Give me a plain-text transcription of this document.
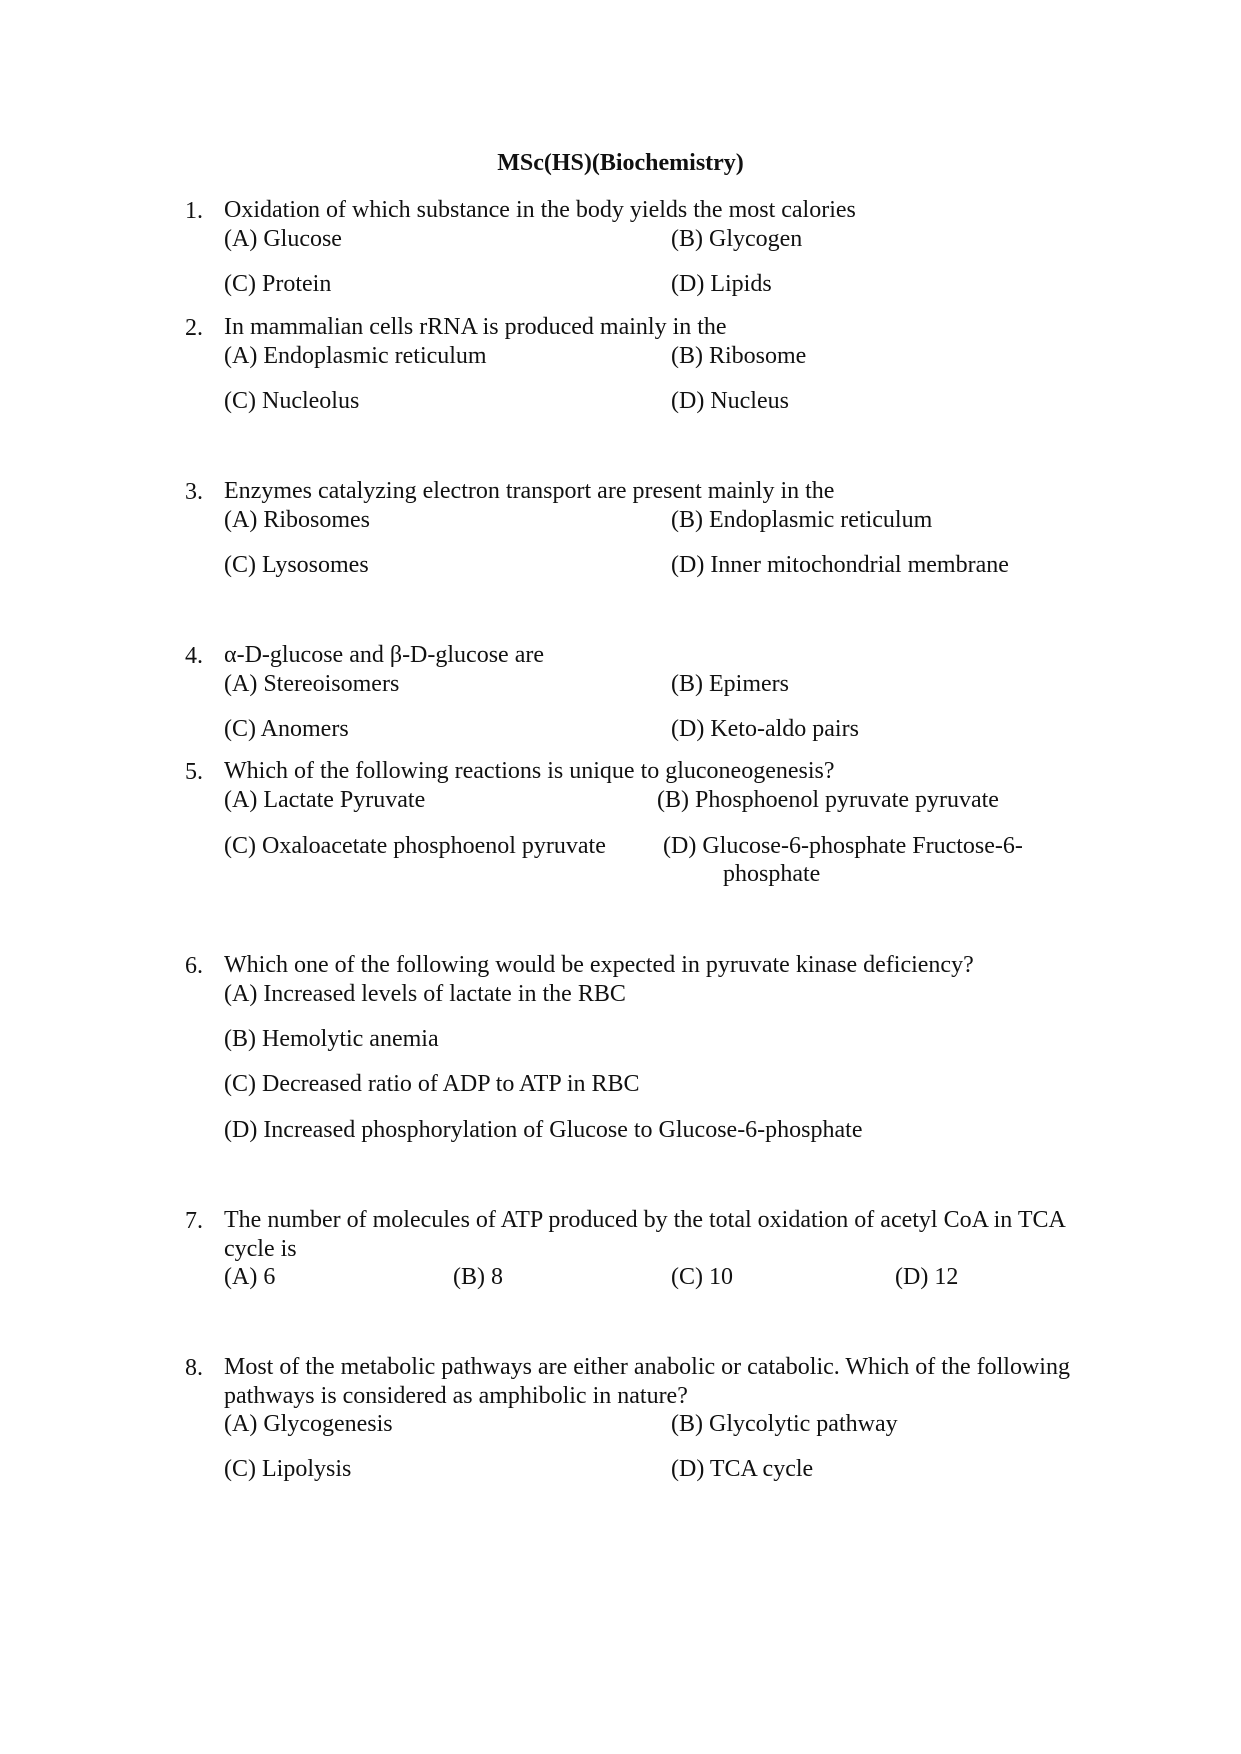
MSc(HS)(Biochemistry)
1. Oxidation of which substance in the body yields the most calories
(A) Glucose	(B) Glycogen
(C) Protein	(D) Lipids
2. In mammalian cells rRNA is produced mainly in the
(A) Endoplasmic reticulum	(B) Ribosome
(C) Nucleolus	(D) Nucleus
3. Enzymes catalyzing electron transport are present mainly in the
(A) Ribosomes	(B) Endoplasmic reticulum
(C) Lysosomes	(D) Inner mitochondrial membrane
4. α-D-glucose and β-D-glucose are
(A) Stereoisomers	(B) Epimers
(C) Anomers	(D) Keto-aldo pairs
5. Which of the following reactions is unique to gluconeogenesis?
(A) Lactate Pyruvate	(B) Phosphoenol pyruvate pyruvate
(C) Oxaloacetate phosphoenol pyruvate (D) Glucose-6-phosphate Fructose-6-
phosphate
6. Which one of the following would be expected in pyruvate kinase deficiency?
(A) Increased levels of lactate in the RBC
(B) Hemolytic anemia
(C) Decreased ratio of ADP to ATP in RBC
(D) Increased phosphorylation of Glucose to Glucose-6-phosphate
7. The number of molecules of ATP produced by the total oxidation of acetyl CoA in TCA cycle is
(A) 6	(B) 8	(C) 10	(D) 12
8. Most of the metabolic pathways are either anabolic or catabolic. Which of the following pathways is considered as amphibolic in nature?
(A) Glycogenesis	(B) Glycolytic pathway
(C) Lipolysis	(D) TCA cycle
